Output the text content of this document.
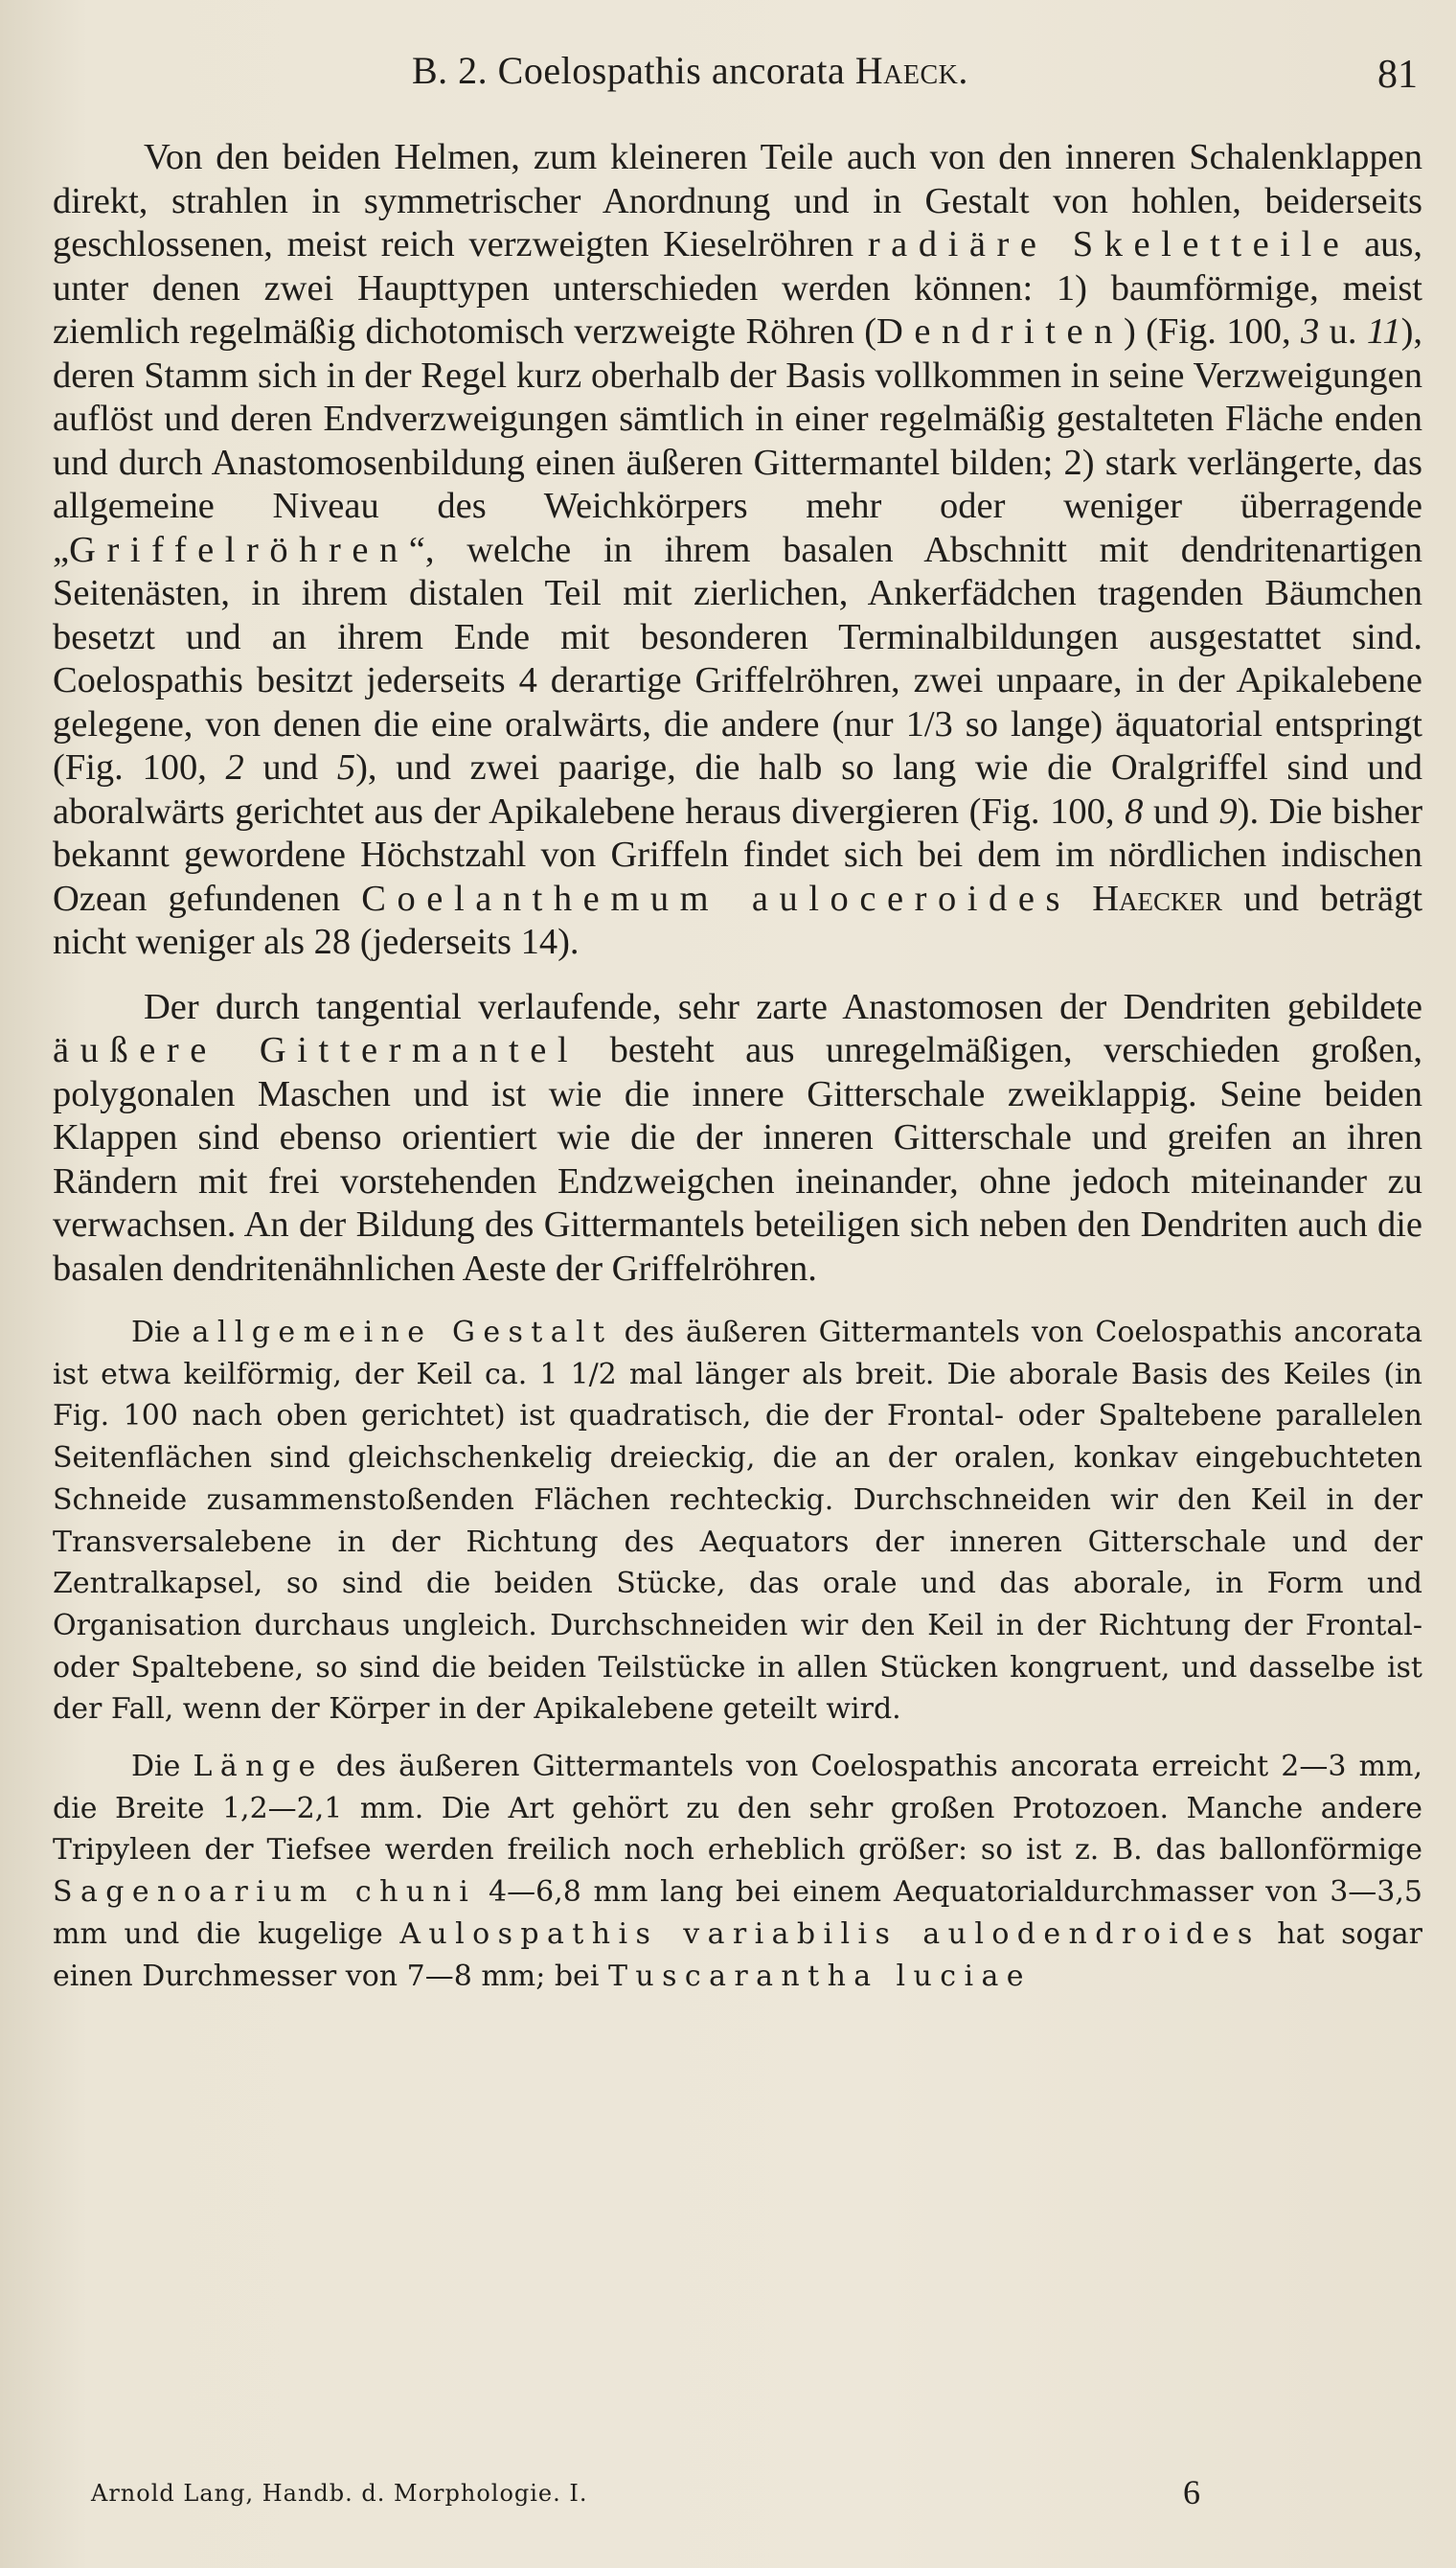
B. 2. Coelospathis ancorata Haeck.	81

Von den beiden Helmen, zum kleineren Teile auch von den inneren Schalenklappen direkt, strahlen in symmetrischer Anordnung und in Gestalt von hohlen, beiderseits geschlossenen, meist reich verzweigten Kieselröhren radiäre Skeletteile aus, unter denen zwei Haupttypen unterschieden werden können: 1) baumförmige, meist ziemlich regelmäßig dichotomisch verzweigte Röhren (Dendriten) (Fig. 100, 3 u. 11), deren Stamm sich in der Regel kurz oberhalb der Basis vollkommen in seine Verzweigungen auflöst und deren Endverzweigungen sämtlich in einer regelmäßig gestalteten Fläche enden und durch Anastomosenbildung einen äußeren Gittermantel bilden; 2) stark verlängerte, das allgemeine Niveau des Weichkörpers mehr oder weniger überragende „Griffelröhren“, welche in ihrem basalen Abschnitt mit dendritenartigen Seitenästen, in ihrem distalen Teil mit zierlichen, Ankerfädchen tragenden Bäumchen besetzt und an ihrem Ende mit besonderen Terminalbildungen ausgestattet sind. Coelospathis besitzt jederseits 4 derartige Griffelröhren, zwei unpaare, in der Apikalebene gelegene, von denen die eine oralwärts, die andere (nur 1/3 so lange) äquatorial entspringt (Fig. 100, 2 und 5), und zwei paarige, die halb so lang wie die Oralgriffel sind und aboralwärts gerichtet aus der Apikalebene heraus divergieren (Fig. 100, 8 und 9). Die bisher bekannt gewordene Höchstzahl von Griffeln findet sich bei dem im nördlichen indischen Ozean gefundenen Coelanthemum auloceroides Haecker und beträgt nicht weniger als 28 (jederseits 14).

Der durch tangential verlaufende, sehr zarte Anastomosen der Dendriten gebildete äußere Gittermantel besteht aus unregelmäßigen, verschieden großen, polygonalen Maschen und ist wie die innere Gitterschale zweiklappig. Seine beiden Klappen sind ebenso orientiert wie die der inneren Gitterschale und greifen an ihren Rändern mit frei vorstehenden Endzweigchen ineinander, ohne jedoch miteinander zu verwachsen. An der Bildung des Gittermantels beteiligen sich neben den Dendriten auch die basalen dendritenähnlichen Aeste der Griffelröhren.

Die allgemeine Gestalt des äußeren Gittermantels von Coelospathis ancorata ist etwa keilförmig, der Keil ca. 1 1/2 mal länger als breit. Die aborale Basis des Keiles (in Fig. 100 nach oben gerichtet) ist quadratisch, die der Frontal- oder Spaltebene parallelen Seitenflächen sind gleichschenkelig dreieckig, die an der oralen, konkav eingebuchteten Schneide zusammenstoßenden Flächen rechteckig. Durchschneiden wir den Keil in der Transversalebene in der Richtung des Aequators der inneren Gitterschale und der Zentralkapsel, so sind die beiden Stücke, das orale und das aborale, in Form und Organisation durchaus ungleich. Durchschneiden wir den Keil in der Richtung der Frontal- oder Spaltebene, so sind die beiden Teilstücke in allen Stücken kongruent, und dasselbe ist der Fall, wenn der Körper in der Apikalebene geteilt wird.

Die Länge des äußeren Gittermantels von Coelospathis ancorata erreicht 2—3 mm, die Breite 1,2—2,1 mm. Die Art gehört zu den sehr großen Protozoen. Manche andere Tripyleen der Tiefsee werden freilich noch erheblich größer: so ist z. B. das ballonförmige Sagenoarium chuni 4—6,8 mm lang bei einem Aequatorialdurchmasser von 3—3,5 mm und die kugelige Aulospathis variabilis aulodendroides hat sogar einen Durchmesser von 7—8 mm; bei Tuscarantha luciae

Arnold Lang, Handb. d. Morphologie. I.	6
